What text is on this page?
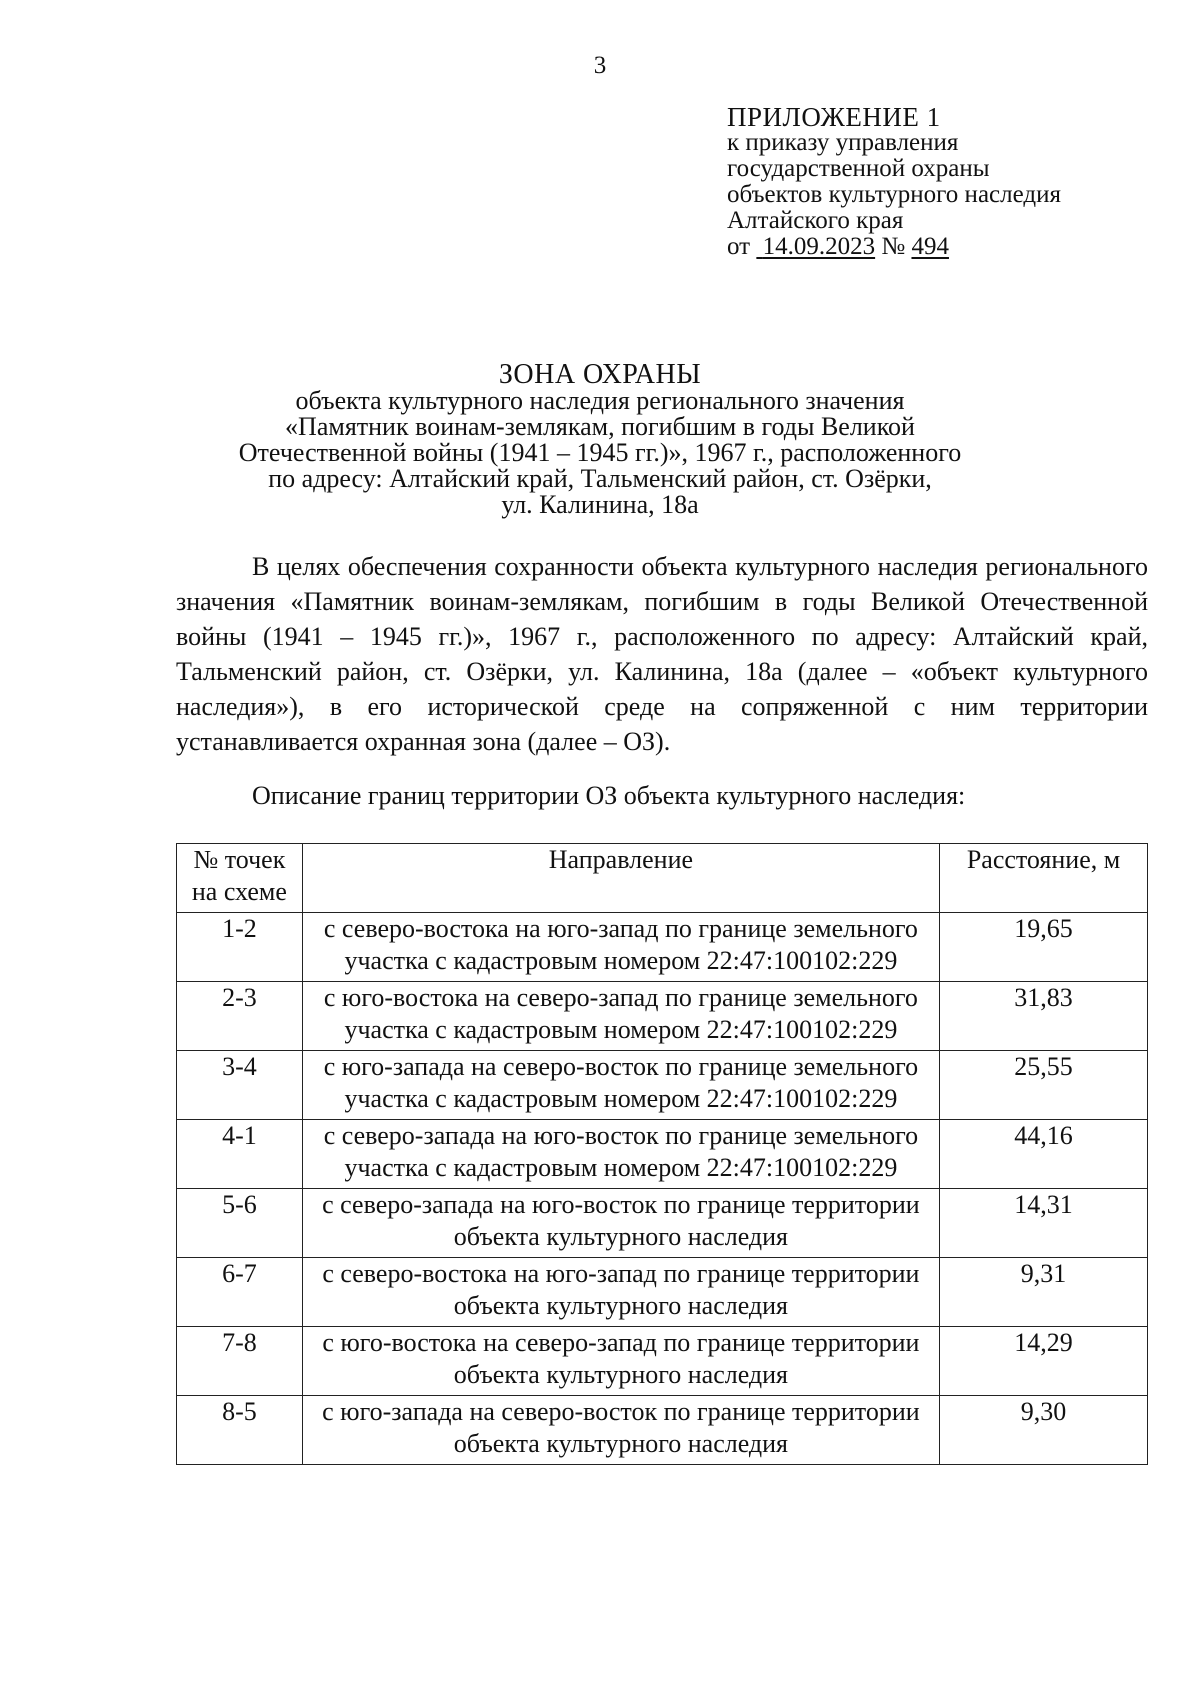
3
ПРИЛОЖЕНИЕ 1
к приказу управления
государственной охраны
объектов культурного наследия
Алтайского края
от 14.09.2023 № 494
ЗОНА ОХРАНЫ
объекта культурного наследия регионального значения
«Памятник воинам-землякам, погибшим в годы Великой
Отечественной войны (1941 – 1945 гг.)», 1967 г., расположенного
по адресу: Алтайский край, Тальменский район, ст. Озёрки,
ул. Калинина, 18а
В целях обеспечения сохранности объекта культурного наследия регионального значения «Памятник воинам-землякам, погибшим в годы Великой Отечественной войны (1941 – 1945 гг.)», 1967 г., расположенного по адресу: Алтайский край, Тальменский район, ст. Озёрки, ул. Калинина, 18а (далее – «объект культурного наследия»), в его исторической среде на сопряженной с ним территории устанавливается охранная зона (далее – ОЗ).
Описание границ территории ОЗ объекта культурного наследия:
№ точек на схеме	Направление	Расстояние, м
1-2	с северо-востока на юго-запад по границе земельного участка с кадастровым номером 22:47:100102:229	19,65
2-3	с юго-востока на северо-запад по границе земельного участка с кадастровым номером 22:47:100102:229	31,83
3-4	с юго-запада на северо-восток по границе земельного участка с кадастровым номером 22:47:100102:229	25,55
4-1	с северо-запада на юго-восток по границе земельного участка с кадастровым номером 22:47:100102:229	44,16
5-6	с северо-запада на юго-восток по границе территории объекта культурного наследия	14,31
6-7	с северо-востока на юго-запад по границе территории объекта культурного наследия	9,31
7-8	с юго-востока на северо-запад по границе территории объекта культурного наследия	14,29
8-5	с юго-запада на северо-восток по границе территории объекта культурного наследия	9,30
